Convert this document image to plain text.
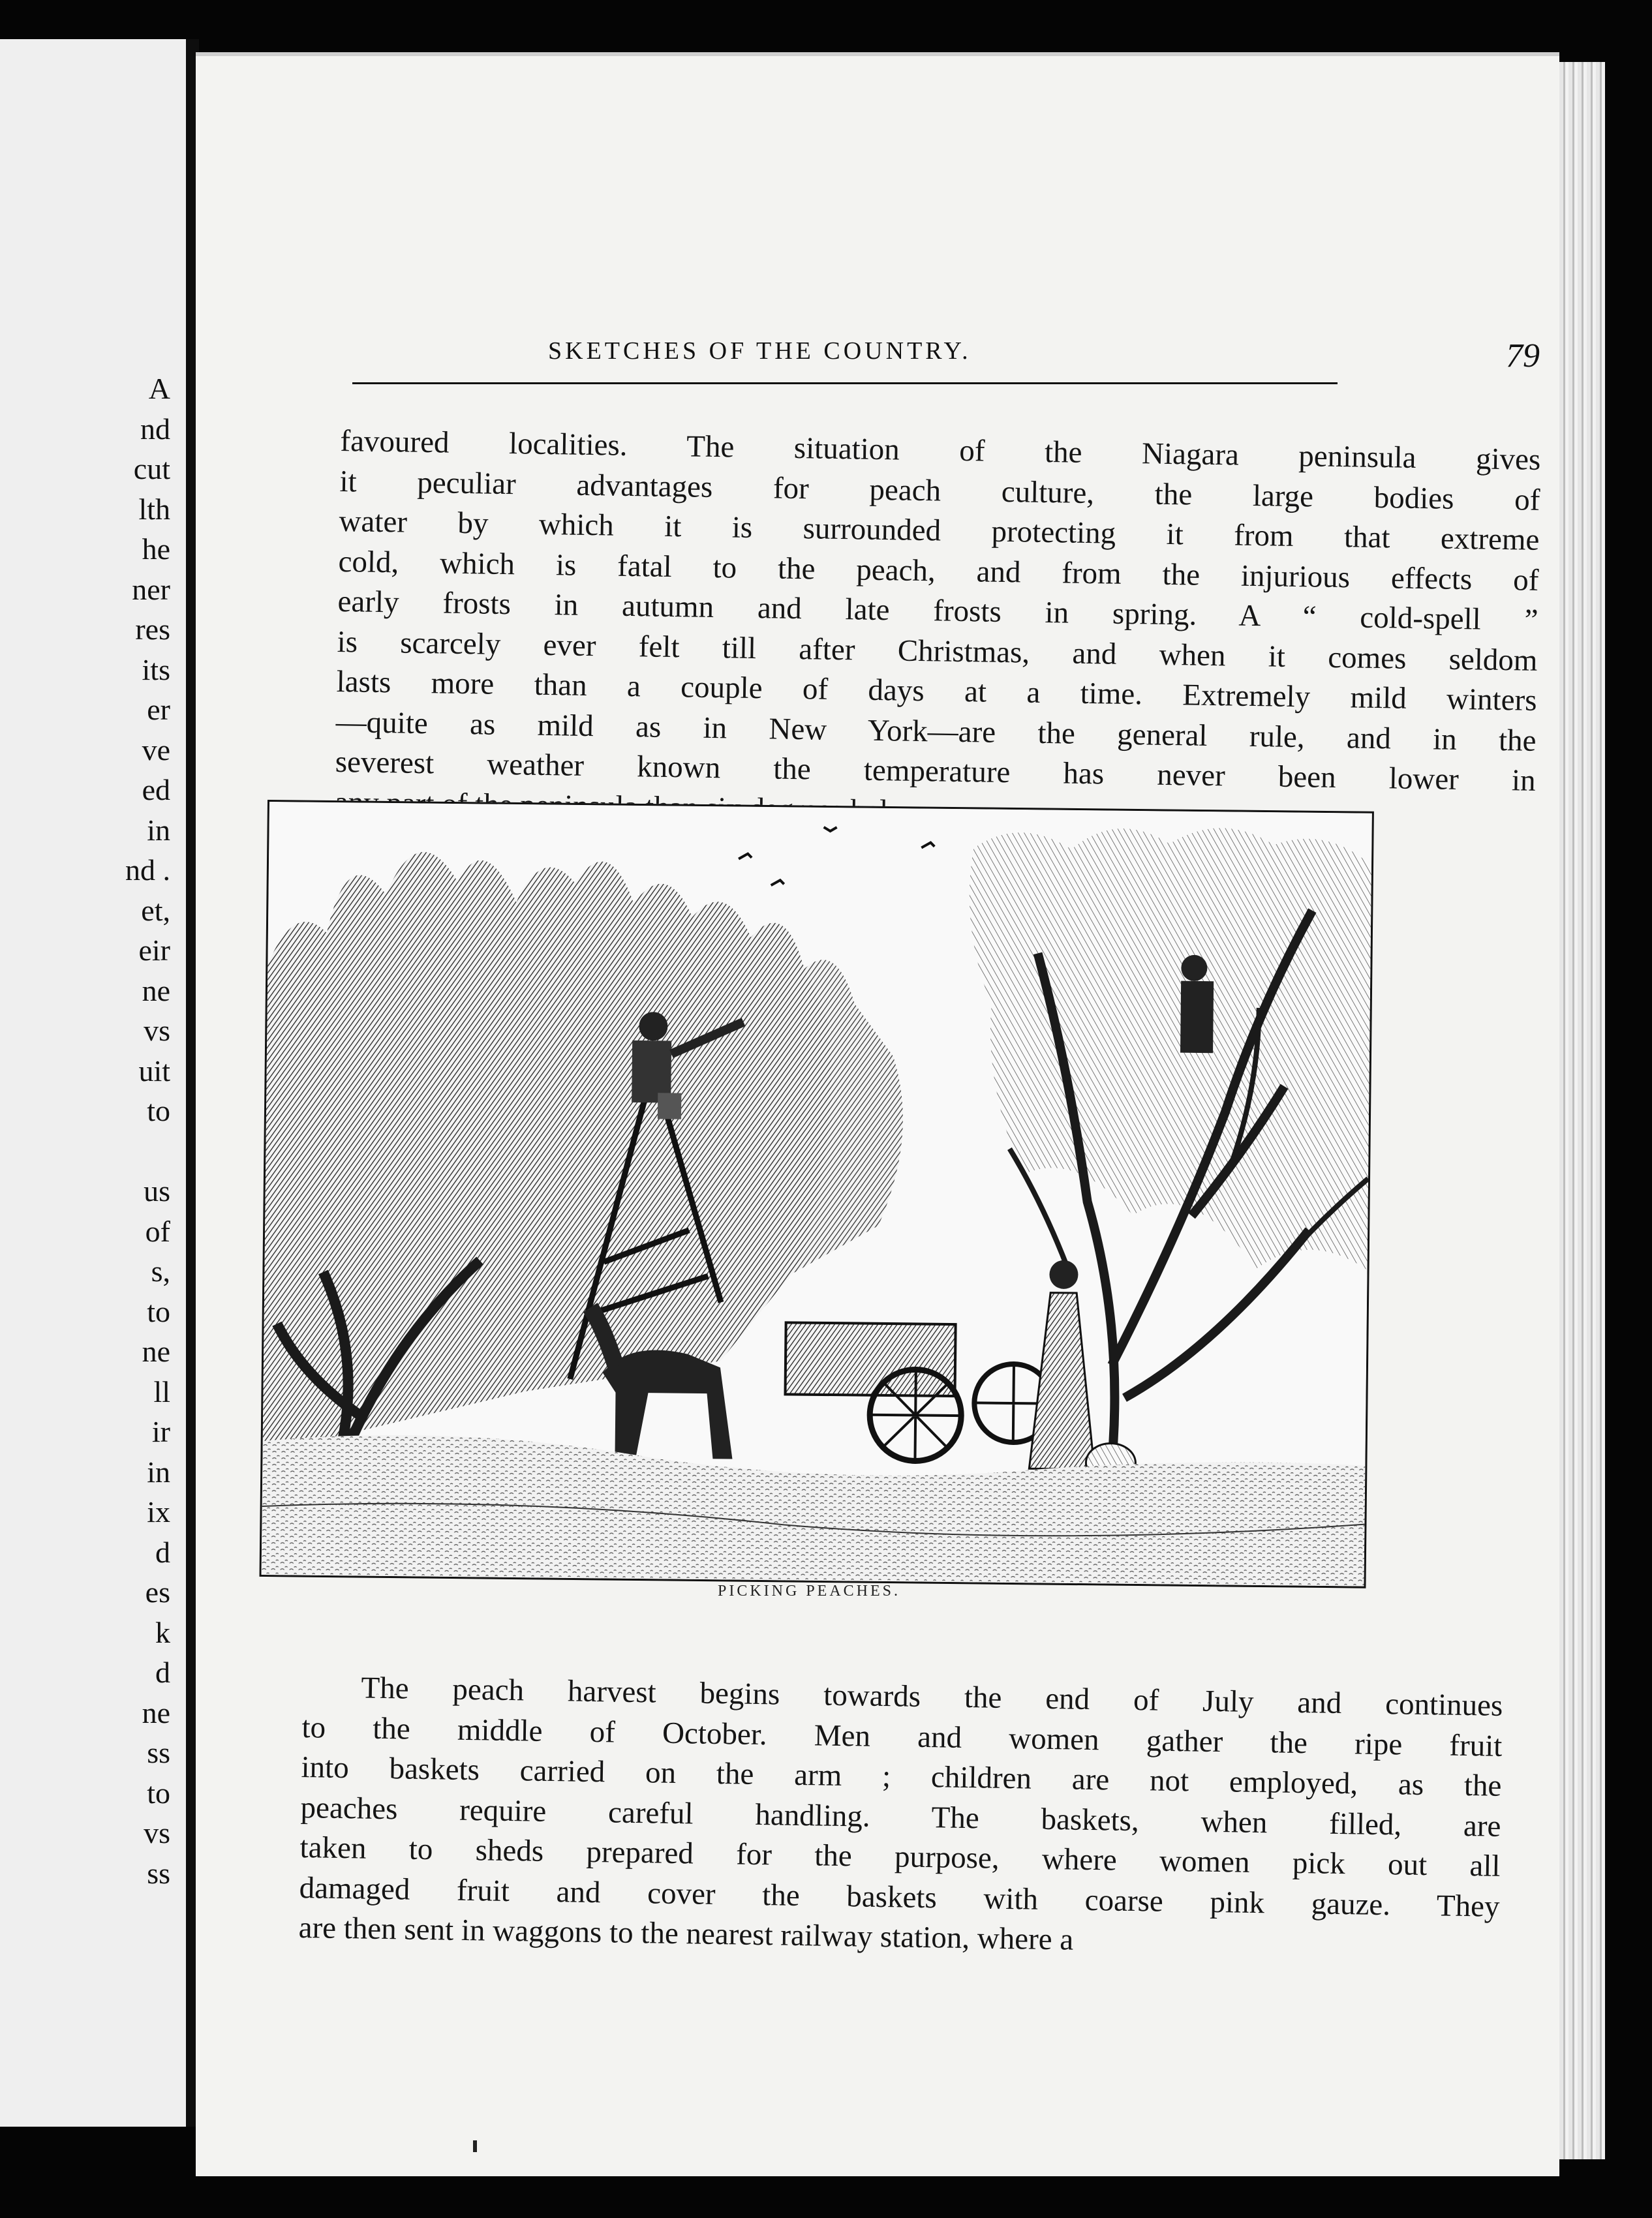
A
nd
cut
lth
he
ner
res
its
er
ve
ed
in
nd .
et,
eir
ne
vs
uit
to
us
of
s,
to
ne
ll
ir
in
ix
d
es
k
d
ne
ss
to
vs
ss
SKETCHES OF THE COUNTRY.	79
favoured localities. The situation of the Niagara peninsula gives
it peculiar advantages for peach culture, the large bodies of
water by which it is surrounded protecting it from that extreme
cold, which is fatal to the peach, and from the injurious effects of
early frosts in autumn and late frosts in spring. A “ cold-spell ”
is scarcely ever felt till after Christmas, and when it comes seldom
lasts more than a couple of days at a time. Extremely mild winters
—quite as mild as in New York—are the general rule, and in the
severest weather known the temperature has never been lower in
PICKING PEACHES.
The peach harvest begins towards the end of July and continues
to the middle of October. Men and women gather the ripe fruit
into baskets carried on the arm ; children are not employed, as the
peaches require careful handling. The baskets, when filled, are
taken to sheds prepared for the purpose, where women pick out all
damaged fruit and cover the baskets with coarse pink gauze. They
are then sent in waggons to the nearest railway station, where a
